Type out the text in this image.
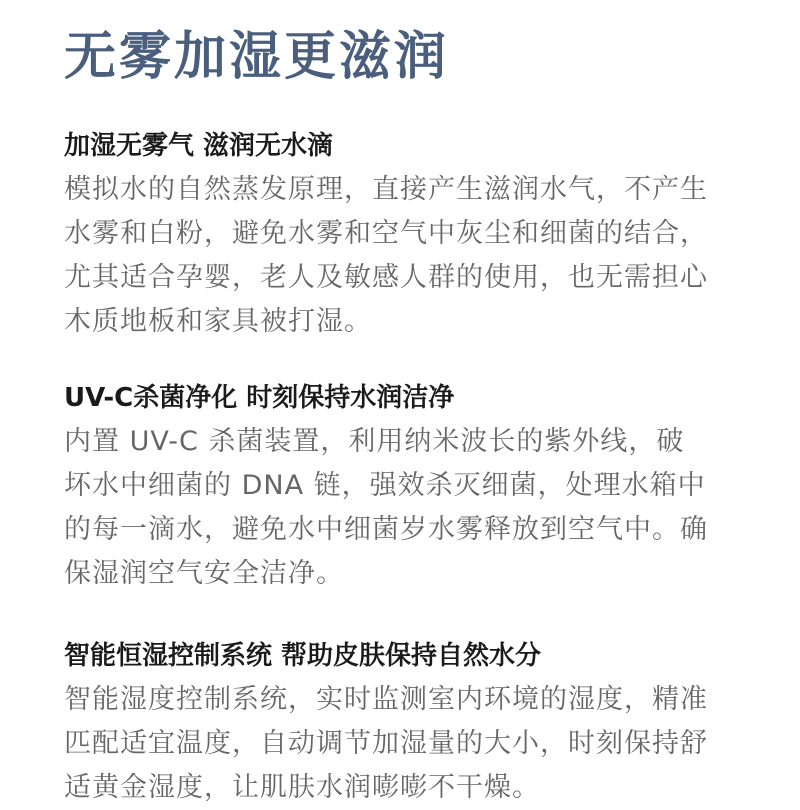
无雾加湿更滋润
加湿无雾气 滋润无水滴
模拟水的自然蒸发原理，直接产生滋润水气，不产生
水雾和白粉，避免水雾和空气中灰尘和细菌的结合，
尤其适合孕婴，老人及敏感人群的使用，也无需担心
木质地板和家具被打湿。
UV-C杀菌净化 时刻保持水润洁净
内置 UV-C 杀菌装置，利用纳米波长的紫外线，破
坏水中细菌的 DNA 链，强效杀灭细菌，处理水箱中
的每一滴水，避免水中细菌岁水雾释放到空气中。确
保湿润空气安全洁净。
智能恒湿控制系统 帮助皮肤保持自然水分
智能湿度控制系统，实时监测室内环境的湿度，精准
匹配适宜温度，自动调节加湿量的大小，时刻保持舒
适黄金湿度，让肌肤水润嘭嘭不干燥。
